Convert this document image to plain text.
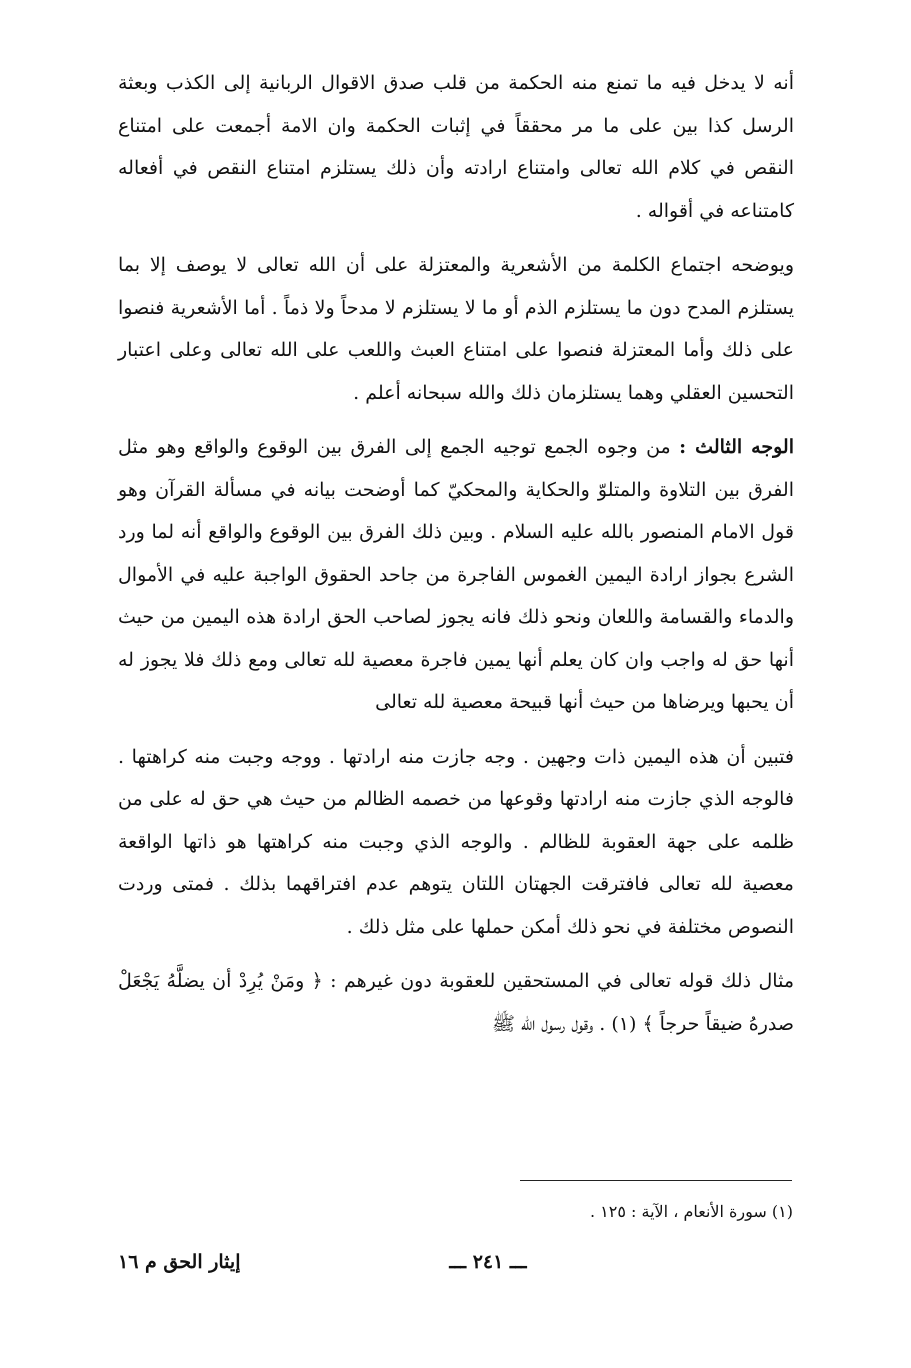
أنه لا يدخل فيه ما تمنع منه الحكمة من قلب صدق الاقوال الربانية إلى الكذب وبعثة الرسل كذا بين على ما مر محققاً في إثبات الحكمة وان الامة أجمعت على امتناع النقص في كلام الله تعالى وامتناع ارادته وأن ذلك يستلزم امتناع النقص في أفعاله كامتناعه في أقواله .

ويوضحه اجتماع الكلمة من الأشعرية والمعتزلة على أن الله تعالى لا يوصف إلا بما يستلزم المدح دون ما يستلزم الذم أو ما لا يستلزم لا مدحاً ولا ذماً . أما الأشعرية فنصوا على ذلك وأما المعتزلة فنصوا على امتناع العبث واللعب على الله تعالى وعلى اعتبار التحسين العقلي وهما يستلزمان ذلك والله سبحانه أعلم .

الوجه الثالث : من وجوه الجمع توجيه الجمع إلى الفرق بين الوقوع والواقع وهو مثل الفرق بين التلاوة والمتلوّ والحكاية والمحكيّ كما أوضحت بيانه في مسألة القرآن وهو قول الامام المنصور بالله عليه السلام . وبين ذلك الفرق بين الوقوع والواقع أنه لما ورد الشرع بجواز ارادة اليمين الغموس الفاجرة من جاحد الحقوق الواجبة عليه في الأموال والدماء والقسامة واللعان ونحو ذلك فانه يجوز لصاحب الحق ارادة هذه اليمين من حيث أنها حق له واجب وان كان يعلم أنها يمين فاجرة معصية لله تعالى ومع ذلك فلا يجوز له أن يحبها ويرضاها من حيث أنها قبيحة معصية لله تعالى

فتبين أن هذه اليمين ذات وجهين . وجه جازت منه ارادتها . ووجه وجبت منه كراهتها . فالوجه الذي جازت منه ارادتها وقوعها من خصمه الظالم من حيث هي حق له على من ظلمه على جهة العقوبة للظالم . والوجه الذي وجبت منه كراهتها هو ذاتها الواقعة معصية لله تعالى فافترقت الجهتان اللتان يتوهم عدم افتراقهما بذلك . فمتى وردت النصوص مختلفة في نحو ذلك أمكن حملها على مثل ذلك .

مثال ذلك قوله تعالى في المستحقين للعقوبة دون غيرهم : ﴿ ومَنْ يُرِدْ أن يضلَّهُ يَجْعَلْ صدرهُ ضيقاً حرجاً ﴾ (١) . وقول رسول الله ﷺ

(١) سورة الأنعام ، الآية : ١٢٥ .
ـــ ٢٤١ ـــ
إيثار الحق م ١٦
